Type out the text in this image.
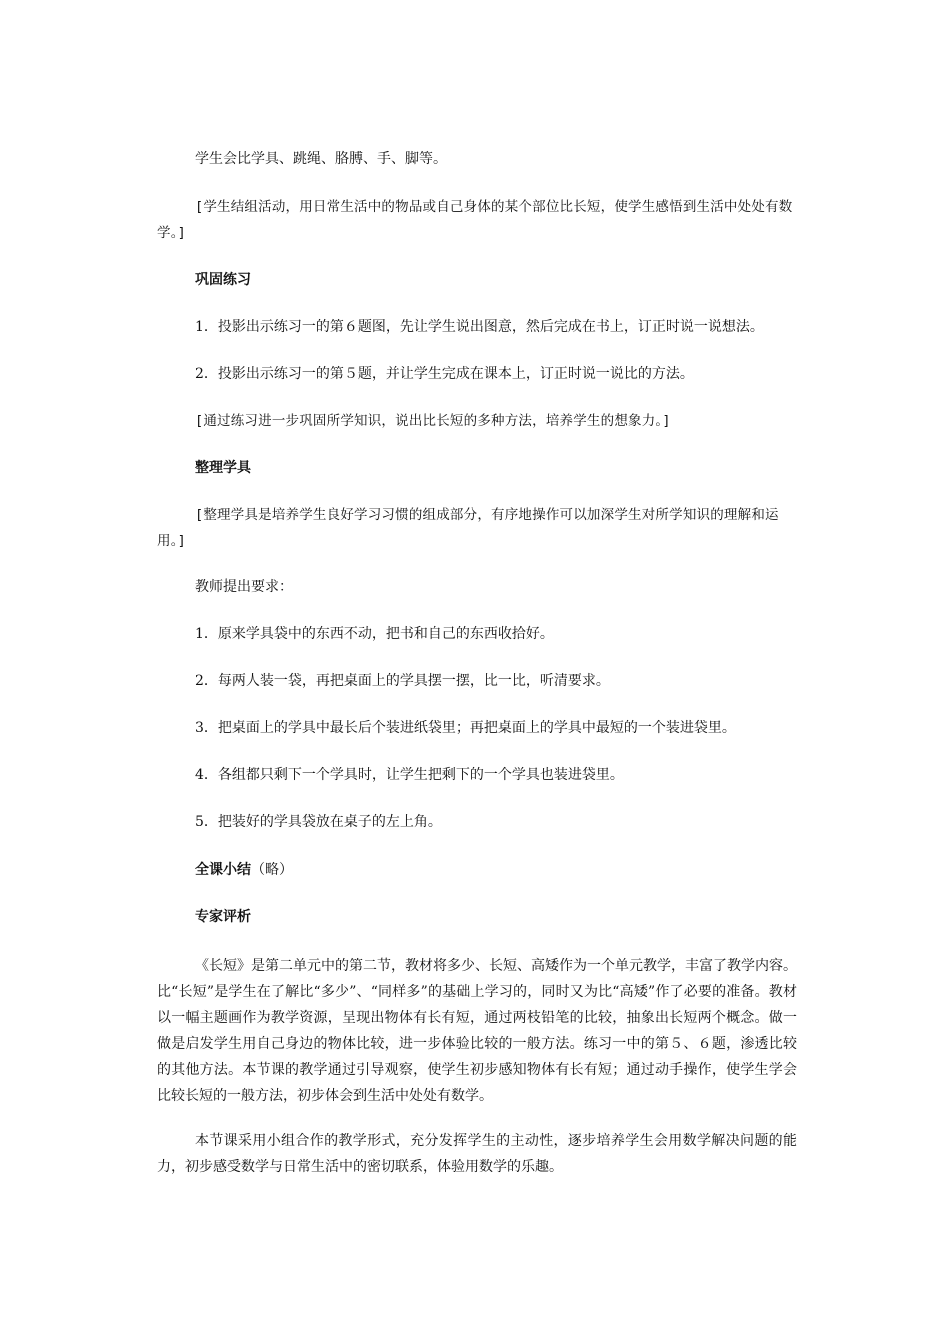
学生会比学具、跳绳、胳膊、手、脚等。

[学生结组活动，用日常生活中的物品或自己身体的某个部位比长短，使学生感悟到生活中处处有数学。]

巩固练习

1．投影出示练习一的第６题图，先让学生说出图意，然后完成在书上，订正时说一说想法。

2．投影出示练习一的第５题，并让学生完成在课本上，订正时说一说比的方法。

[通过练习进一步巩固所学知识，说出比长短的多种方法，培养学生的想象力。]

整理学具

[整理学具是培养学生良好学习习惯的组成部分，有序地操作可以加深学生对所学知识的理解和运用。]

教师提出要求：

1．原来学具袋中的东西不动，把书和自己的东西收拾好。

2．每两人装一袋，再把桌面上的学具摆一摆，比一比，听清要求。

3．把桌面上的学具中最长后个装进纸袋里；再把桌面上的学具中最短的一个装进袋里。

4．各组都只剩下一个学具时，让学生把剩下的一个学具也装进袋里。

5．把装好的学具袋放在桌子的左上角。

全课小结（略）

专家评析

《长短》是第二单元中的第二节，教材将多少、长短、高矮作为一个单元教学，丰富了教学内容。比“长短”是学生在了解比“多少”、“同样多”的基础上学习的，同时又为比“高矮”作了必要的准备。教材以一幅主题画作为教学资源，呈现出物体有长有短，通过两枝铅笔的比较，抽象出长短两个概念。做一做是启发学生用自己身边的物体比较，进一步体验比较的一般方法。练习一中的第５、６题，渗透比较的其他方法。本节课的教学通过引导观察，使学生初步感知物体有长有短；通过动手操作，使学生学会比较长短的一般方法，初步体会到生活中处处有数学。

本节课采用小组合作的教学形式，充分发挥学生的主动性，逐步培养学生会用数学解决问题的能力，初步感受数学与日常生活中的密切联系，体验用数学的乐趣。
